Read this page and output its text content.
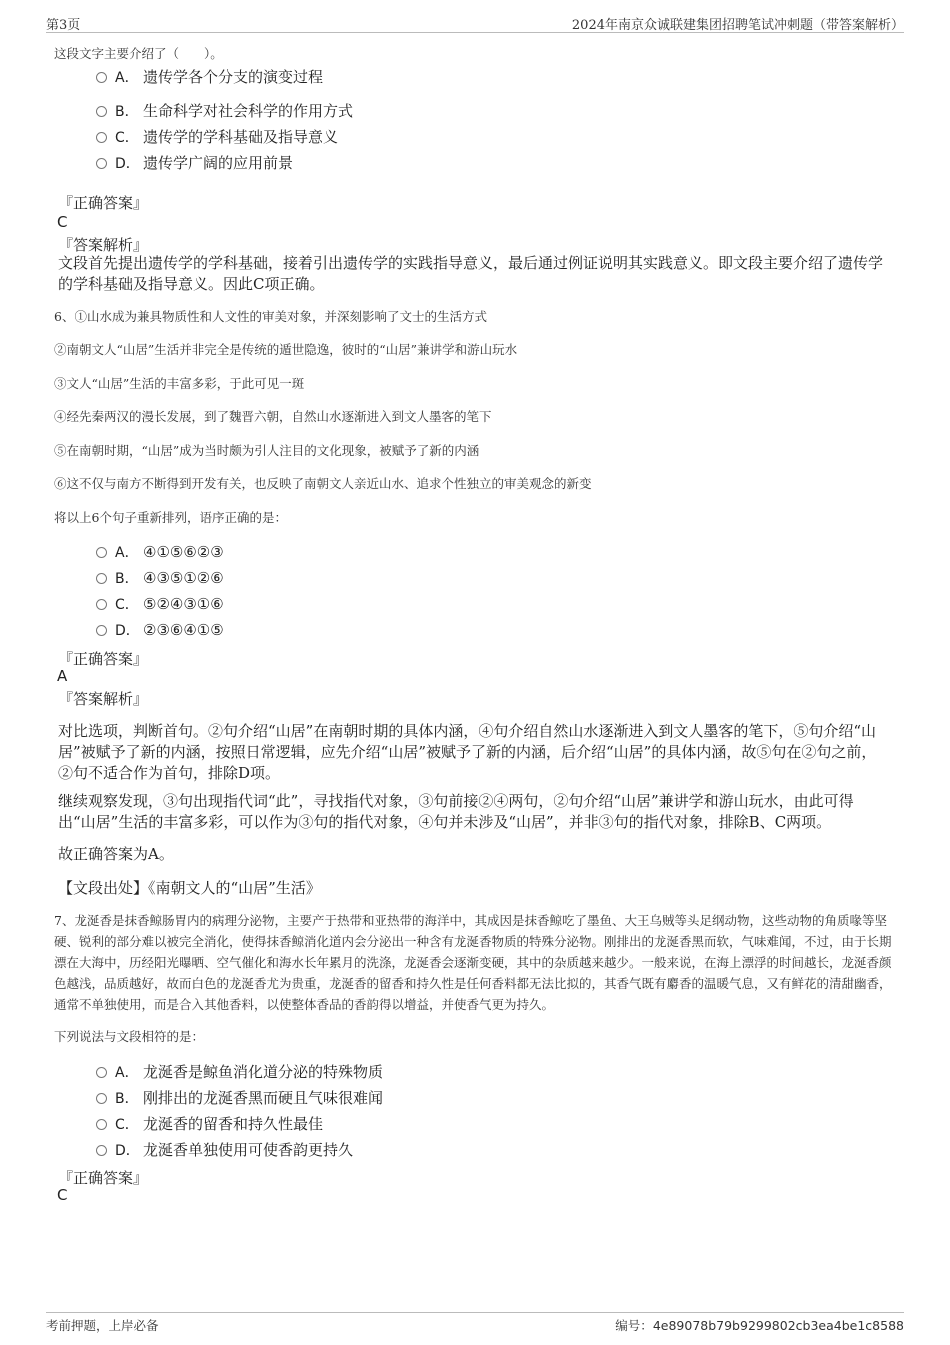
第3页	2024年南京众诚联建集团招聘笔试冲刺题（带答案解析）
这段文字主要介绍了（　　）。
A． 遗传学各个分支的演变过程
B． 生命科学对社会科学的作用方式
C． 遗传学的学科基础及指导意义
D． 遗传学广阔的应用前景
『正确答案』
C
『答案解析』
文段首先提出遗传学的学科基础，接着引出遗传学的实践指导意义，最后通过例证说明其实践意义。即文段主要介绍了遗传学的学科基础及指导意义。因此C项正确。
6、①山水成为兼具物质性和人文性的审美对象，并深刻影响了文士的生活方式
②南朝文人“山居”生活并非完全是传统的遁世隐逸，彼时的“山居”兼讲学和游山玩水
③文人“山居”生活的丰富多彩，于此可见一斑
④经先秦两汉的漫长发展，到了魏晋六朝，自然山水逐渐进入到文人墨客的笔下
⑤在南朝时期，“山居”成为当时颇为引人注目的文化现象，被赋予了新的内涵
⑥这不仅与南方不断得到开发有关，也反映了南朝文人亲近山水、追求个性独立的审美观念的新变
将以上6个句子重新排列，语序正确的是：
A． ④①⑤⑥②③
B． ④③⑤①②⑥
C． ⑤②④③①⑥
D． ②③⑥④①⑤
『正确答案』
A
『答案解析』
对比选项，判断首句。②句介绍“山居”在南朝时期的具体内涵，④句介绍自然山水逐渐进入到文人墨客的笔下，⑤句介绍“山居”被赋予了新的内涵，按照日常逻辑，应先介绍“山居”被赋予了新的内涵，后介绍“山居”的具体内涵，故⑤句在②句之前，②句不适合作为首句，排除D项。
继续观察发现，③句出现指代词“此”，寻找指代对象，③句前接②④两句，②句介绍“山居”兼讲学和游山玩水，由此可得出“山居”生活的丰富多彩，可以作为③句的指代对象，④句并未涉及“山居”，并非③句的指代对象，排除B、C两项。
故正确答案为A。
【文段出处】《南朝文人的“山居”生活》
7、龙涎香是抹香鲸肠胃内的病理分泌物，主要产于热带和亚热带的海洋中，其成因是抹香鲸吃了墨鱼、大王乌贼等头足纲动物，这些动物的角质喙等坚硬、锐利的部分难以被完全消化，使得抹香鲸消化道内会分泌出一种含有龙涎香物质的特殊分泌物。刚排出的龙涎香黑而软，气味难闻，不过，由于长期漂在大海中，历经阳光曝晒、空气催化和海水长年累月的洗涤，龙涎香会逐渐变硬，其中的杂质越来越少。一般来说，在海上漂浮的时间越长，龙涎香颜色越浅，品质越好，故而白色的龙涎香尤为贵重，龙涎香的留香和持久性是任何香料都无法比拟的，其香气既有麝香的温暖气息，又有鲜花的清甜幽香，通常不单独使用，而是合入其他香料，以使整体香品的香韵得以增益，并使香气更为持久。
下列说法与文段相符的是：
A． 龙涎香是鲸鱼消化道分泌的特殊物质
B． 刚排出的龙涎香黑而硬且气味很难闻
C． 龙涎香的留香和持久性最佳
D． 龙涎香单独使用可使香韵更持久
『正确答案』
C
考前押题，上岸必备	编号：4e89078b79b9299802cb3ea4be1c8588
